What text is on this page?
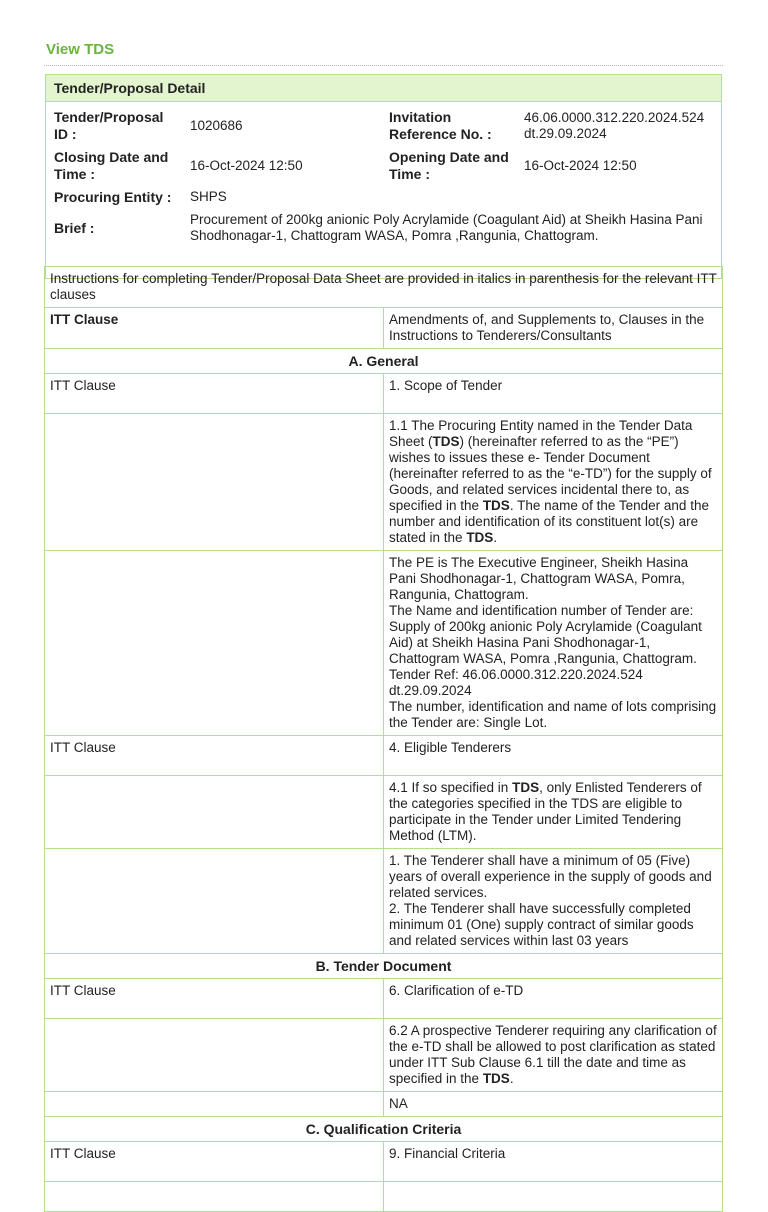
View TDS
Tender/Proposal Detail
Tender/Proposal ID :
1020686
Invitation Reference No. :
46.06.0000.312.220.2024.524 dt.29.09.2024
Closing Date and Time :
16-Oct-2024 12:50
Opening Date and Time :
16-Oct-2024 12:50
Procuring Entity : SHPS
Brief :
Procurement of 200kg anionic Poly Acrylamide (Coagulant Aid) at Sheikh Hasina Pani Shodhonagar-1, Chattogram WASA, Pomra ,Rangunia, Chattogram.
Instructions for completing Tender/Proposal Data Sheet are provided in italics in parenthesis for the relevant ITT clauses	
ITT Clause	Amendments of, and Supplements to, Clauses in the Instructions to Tenderers/Consultants
A. General	
ITT Clause	1. Scope of Tender
	1.1 The Procuring Entity named in the Tender Data Sheet (TDS) (hereinafter referred to as the “PE”) wishes to issues these e- Tender Document (hereinafter referred to as the “e-TD”) for the supply of Goods, and related services incidental there to, as specified in the TDS. The name of the Tender and the number and identification of its constituent lot(s) are stated in the TDS.

	The PE is The Executive Engineer, Sheikh Hasina Pani Shodhonagar-1, Chattogram WASA, Pomra, Rangunia, Chattogram.
The Name and identification number of Tender are: Supply of 200kg anionic Poly Acrylamide (Coagulant Aid) at Sheikh Hasina Pani Shodhonagar-1, Chattogram WASA, Pomra ,Rangunia, Chattogram.
Tender Ref: 46.06.0000.312.220.2024.524 dt.29.09.2024
The number, identification and name of lots comprising the Tender are: Single Lot.

ITT Clause	4. Eligible Tenderers
	4.1 If so specified in TDS, only Enlisted Tenderers of the categories specified in the TDS are eligible to participate in the Tender under Limited Tendering Method (LTM).

	1. The Tenderer shall have a minimum of 05 (Five) years of overall experience in the supply of goods and related services.
2. The Tenderer shall have successfully completed minimum 01 (One) supply contract of similar goods and related services within last 03 years

B. Tender Document	
ITT Clause	6. Clarification of e-TD
	6.2 A prospective Tenderer requiring any clarification of the e-TD shall be allowed to post clarification as stated under ITT Sub Clause 6.1 till the date and time as specified in the TDS.
	NA
C. Qualification Criteria	
ITT Clause	9. Financial Criteria
